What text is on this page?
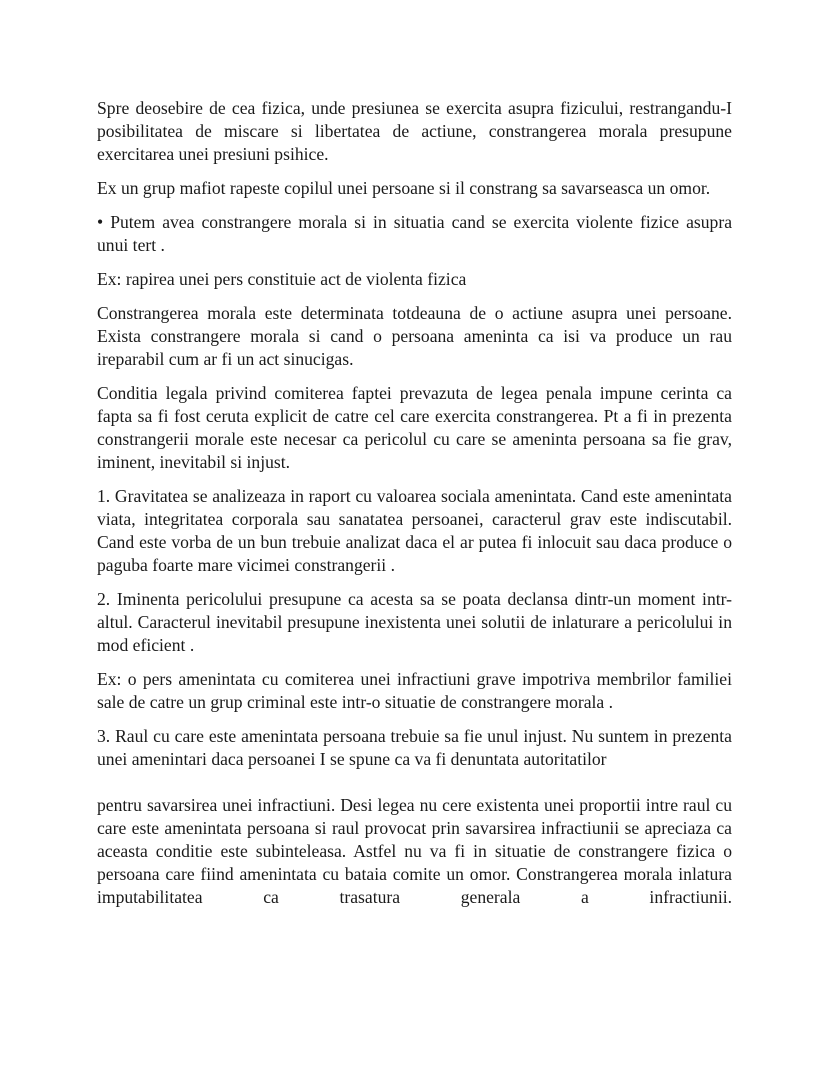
Spre deosebire de cea fizica, unde presiunea se exercita asupra fizicului, restrangandu-I posibilitatea de miscare si libertatea de actiune, constrangerea morala presupune exercitarea unei presiuni psihice.

Ex un grup mafiot rapeste copilul unei persoane si il constrang sa savarseasca un omor.

• Putem avea constrangere morala si in situatia cand se exercita violente fizice asupra unui tert .

Ex: rapirea unei pers constituie act de violenta fizica

Constrangerea morala este determinata totdeauna de o actiune asupra unei persoane. Exista constrangere morala si cand o persoana ameninta ca isi va produce un rau ireparabil cum ar fi un act sinucigas.

Conditia legala privind comiterea faptei prevazuta de legea penala impune cerinta ca fapta sa fi fost ceruta explicit de catre cel care exercita constrangerea. Pt a fi in prezenta constrangerii morale este necesar ca pericolul cu care se ameninta persoana sa fie grav, iminent, inevitabil si injust.

1. Gravitatea se analizeaza in raport cu valoarea sociala amenintata. Cand este amenintata viata, integritatea corporala sau sanatatea persoanei, caracterul grav este indiscutabil. Cand este vorba de un bun trebuie analizat daca el ar putea fi inlocuit sau daca produce o paguba foarte mare vicimei constrangerii .

2. Iminenta pericolului presupune ca acesta sa se poata declansa dintr-un moment intr- altul. Caracterul inevitabil presupune inexistenta unei solutii de inlaturare a pericolului in mod eficient .

Ex: o pers amenintata cu comiterea unei infractiuni grave impotriva membrilor familiei sale de catre un grup criminal este intr-o situatie de constrangere morala .

3. Raul cu care este amenintata persoana trebuie sa fie unul injust. Nu suntem in prezenta unei amenintari daca persoanei I se spune ca va fi denuntata autoritatilor

pentru savarsirea unei infractiuni. Desi legea nu cere existenta unei proportii intre raul cu care este amenintata persoana si raul provocat prin savarsirea infractiunii se apreciaza ca aceasta conditie este subinteleasa. Astfel nu va fi in situatie de constrangere fizica o persoana care fiind amenintata cu bataia comite un omor. Constrangerea morala inlatura imputabilitatea ca trasatura generala a infractiunii.
